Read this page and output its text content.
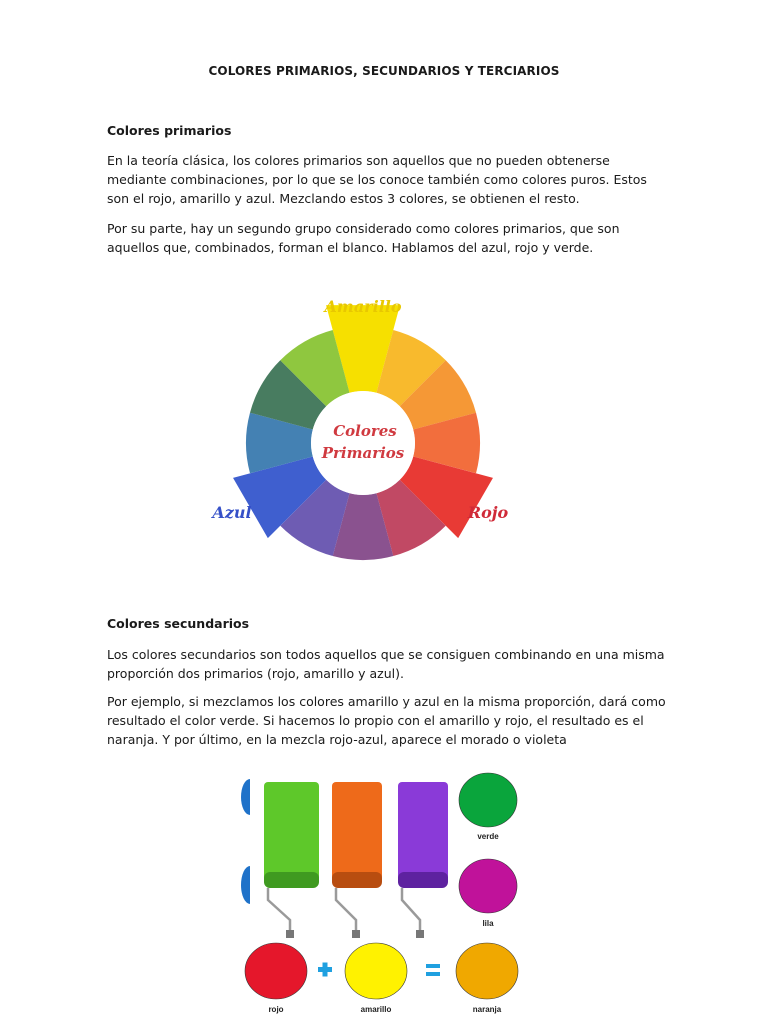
COLORES PRIMARIOS, SECUNDARIOS Y TERCIARIOS
Colores primarios

En la teoría clásica, los colores primarios son aquellos que no pueden obtenerse mediante combinaciones, por lo que se los conoce también como colores puros. Estos son el rojo, amarillo y azul. Mezclando estos 3 colores, se obtienen el resto.

Por su parte, hay un segundo grupo considerado como colores primarios, que son aquellos que, combinados, forman el blanco. Hablamos del azul, rojo y verde.

Colores
Primarios
Amarillo
Azul	Rojo
Colores secundarios

Los colores secundarios son todos aquellos que se consiguen combinando en una misma proporción dos primarios (rojo, amarillo y azul).

Por ejemplo, si mezclamos los colores amarillo y azul en la misma proporción, dará como resultado el color verde. Si hacemos lo propio con el amarillo y rojo, el resultado es el naranja. Y por último, en la mezcla rojo-azul, aparece el morado o violeta

verde
lila
rojo	amarillo	naranja
